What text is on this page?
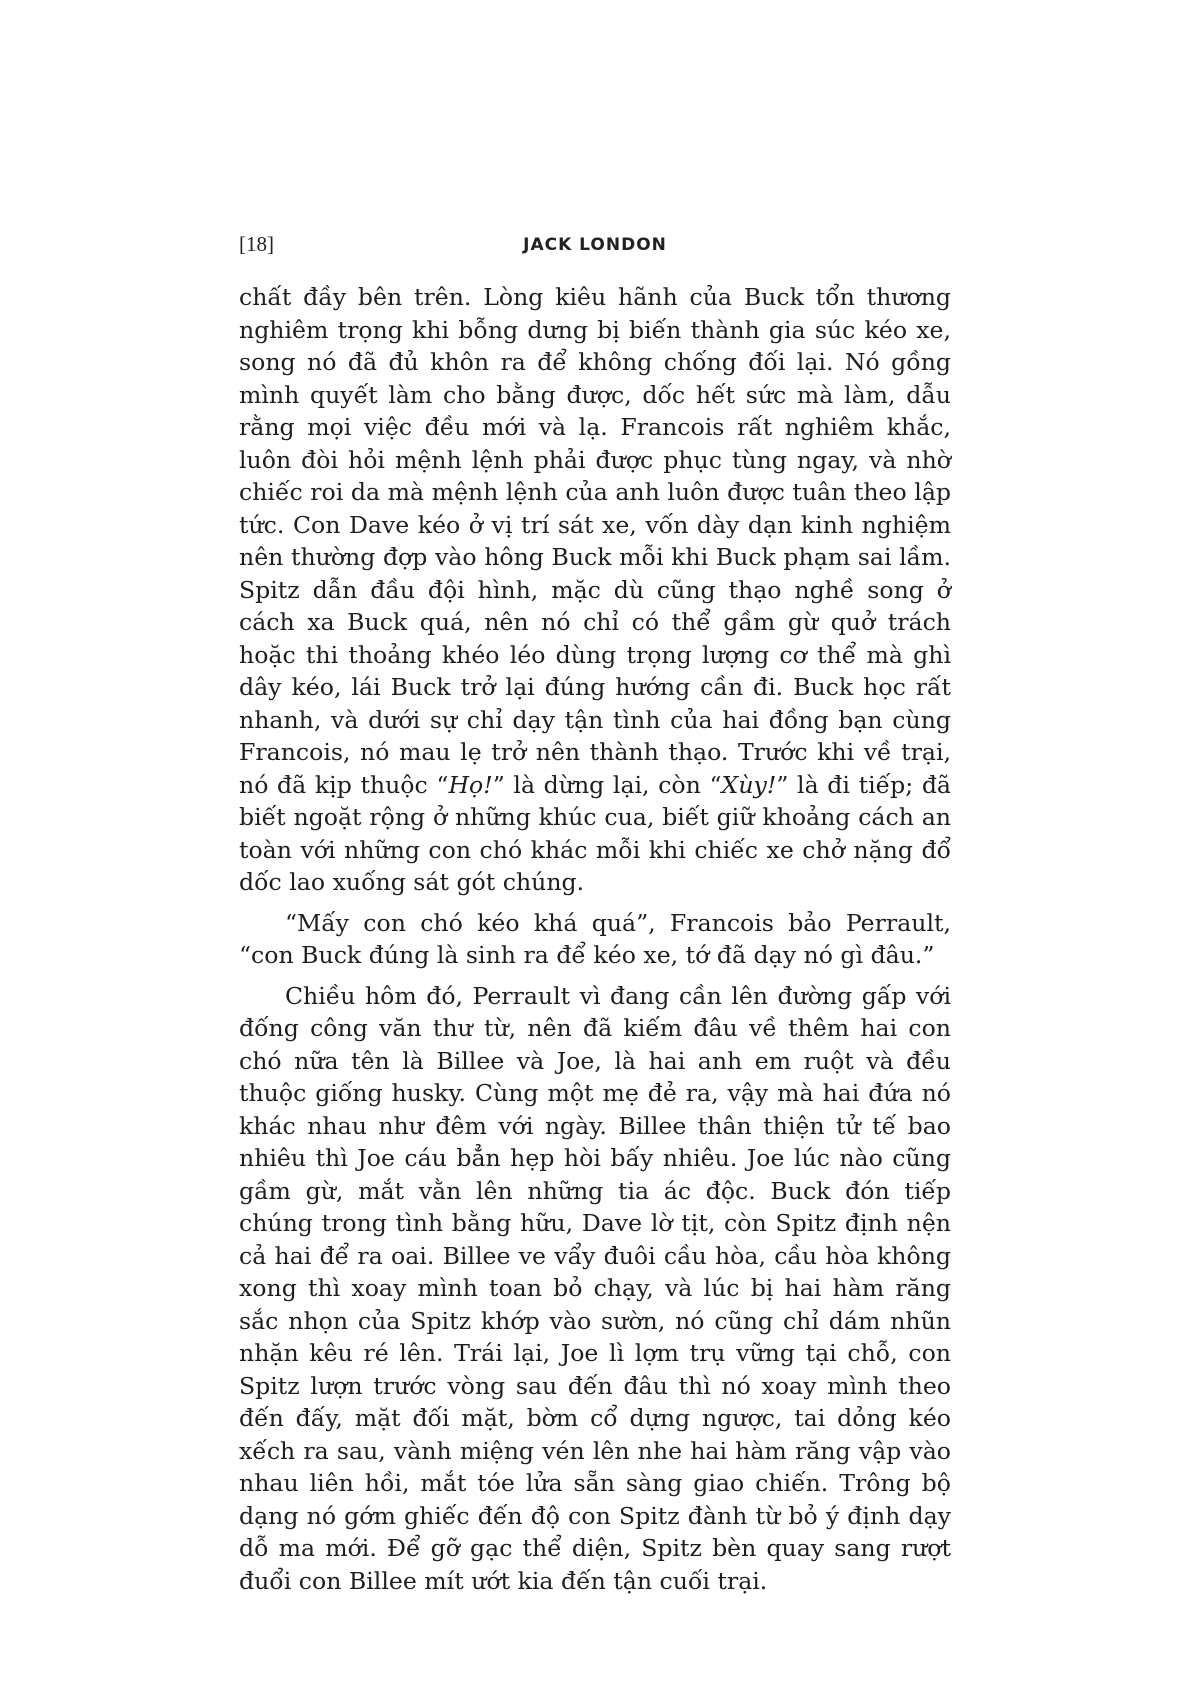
[18]	JACK LONDON

chất đầy bên trên. Lòng kiêu hãnh của Buck tổn thương nghiêm trọng khi bỗng dưng bị biến thành gia súc kéo xe, song nó đã đủ khôn ra để không chống đối lại. Nó gồng mình quyết làm cho bằng được, dốc hết sức mà làm, dẫu rằng mọi việc đều mới và lạ. Francois rất nghiêm khắc, luôn đòi hỏi mệnh lệnh phải được phục tùng ngay, và nhờ chiếc roi da mà mệnh lệnh của anh luôn được tuân theo lập tức. Con Dave kéo ở vị trí sát xe, vốn dày dạn kinh nghiệm nên thường đợp vào hông Buck mỗi khi Buck phạm sai lầm. Spitz dẫn đầu đội hình, mặc dù cũng thạo nghề song ở cách xa Buck quá, nên nó chỉ có thể gầm gừ quở trách hoặc thi thoảng khéo léo dùng trọng lượng cơ thể mà ghì dây kéo, lái Buck trở lại đúng hướng cần đi. Buck học rất nhanh, và dưới sự chỉ dạy tận tình của hai đồng bạn cùng Francois, nó mau lẹ trở nên thành thạo. Trước khi về trại, nó đã kịp thuộc “Họ!” là dừng lại, còn “Xùy!” là đi tiếp; đã biết ngoặt rộng ở những khúc cua, biết giữ khoảng cách an toàn với những con chó khác mỗi khi chiếc xe chở nặng đổ dốc lao xuống sát gót chúng.

“Mấy con chó kéo khá quá”, Francois bảo Perrault, “con Buck đúng là sinh ra để kéo xe, tớ đã dạy nó gì đâu.”

Chiều hôm đó, Perrault vì đang cần lên đường gấp với đống công văn thư từ, nên đã kiếm đâu về thêm hai con chó nữa tên là Billee và Joe, là hai anh em ruột và đều thuộc giống husky. Cùng một mẹ đẻ ra, vậy mà hai đứa nó khác nhau như đêm với ngày. Billee thân thiện tử tế bao nhiêu thì Joe cáu bẳn hẹp hòi bấy nhiêu. Joe lúc nào cũng gầm gừ, mắt vằn lên những tia ác độc. Buck đón tiếp chúng trong tình bằng hữu, Dave lờ tịt, còn Spitz định nện cả hai để ra oai. Billee ve vẩy đuôi cầu hòa, cầu hòa không xong thì xoay mình toan bỏ chạy, và lúc bị hai hàm răng sắc nhọn của Spitz khớp vào sườn, nó cũng chỉ dám nhũn nhặn kêu ré lên. Trái lại, Joe lì lợm trụ vững tại chỗ, con Spitz lượn trước vòng sau đến đâu thì nó xoay mình theo đến đấy, mặt đối mặt, bờm cổ dựng ngược, tai dỏng kéo xếch ra sau, vành miệng vén lên nhe hai hàm răng vập vào nhau liên hồi, mắt tóe lửa sẵn sàng giao chiến. Trông bộ dạng nó gớm ghiếc đến độ con Spitz đành từ bỏ ý định dạy dỗ ma mới. Để gỡ gạc thể diện, Spitz bèn quay sang rượt đuổi con Billee mít ướt kia đến tận cuối trại.
